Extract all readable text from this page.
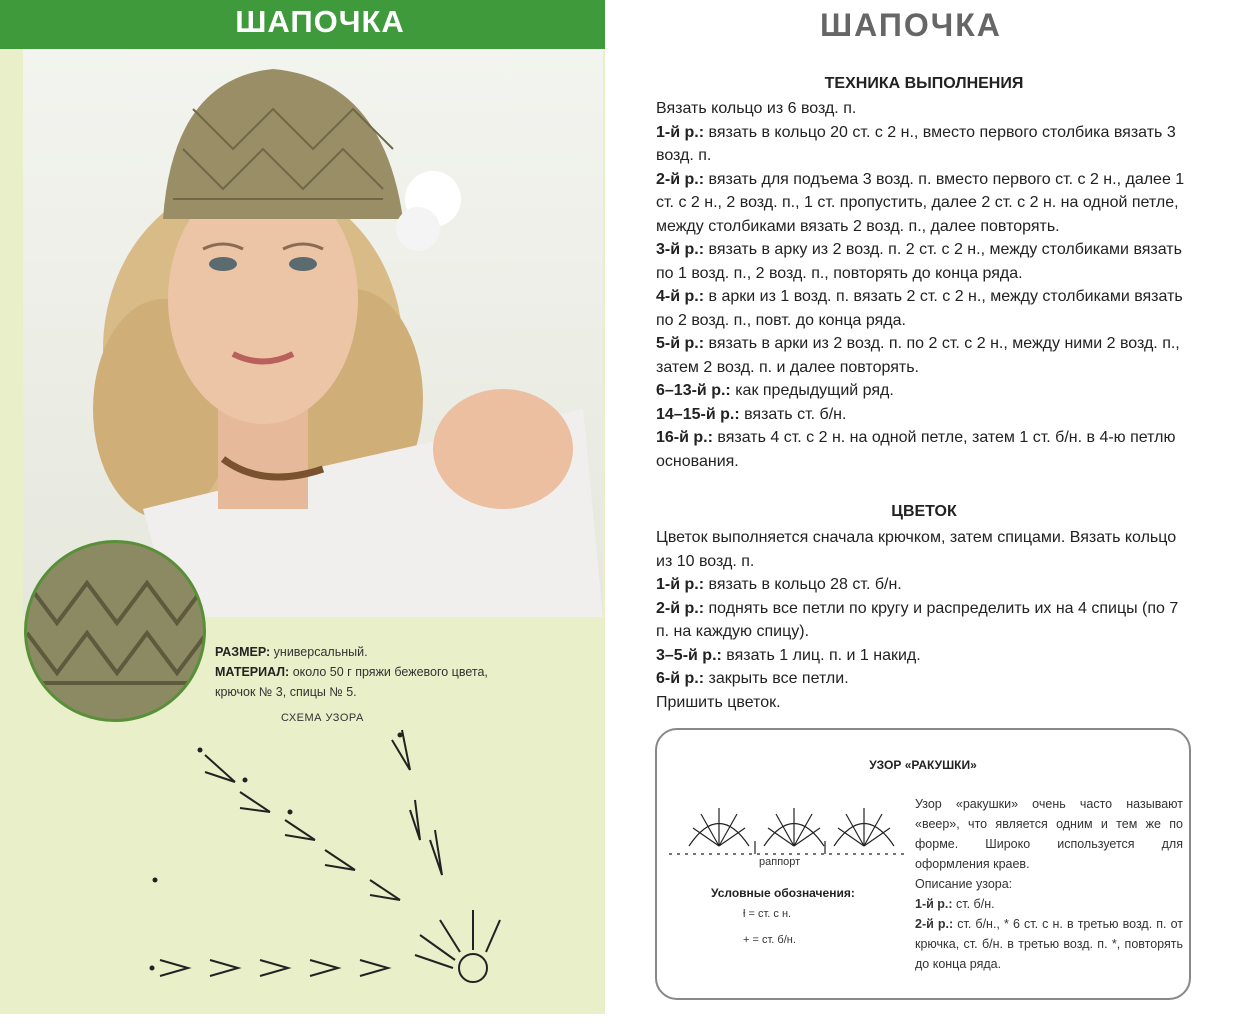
ШАПОЧКА
РАЗМЕР: универсальный.
МАТЕРИАЛ: около 50 г пряжи бежевого цвета,
крючок № 3, спицы № 5.
СХЕМА УЗОРА
ШАПОЧКА
ТЕХНИКА ВЫПОЛНЕНИЯ
Вязать кольцо из 6 возд. п.
1-й р.: вязать в кольцо 20 ст. с 2 н., вместо первого столбика вязать 3 возд. п.
2-й р.: вязать для подъема 3 возд. п. вместо первого ст. с 2 н., далее 1 ст. с 2 н., 2 возд. п., 1 ст. пропустить, далее 2 ст. с 2 н. на одной петле, между столбиками вязать 2 возд. п., далее повторять.
3-й р.: вязать в арку из 2 возд. п. 2 ст. с 2 н., между столбиками вязать по 1 возд. п., 2 возд. п., повторять до конца ряда.
4-й р.: в арки из 1 возд. п. вязать 2 ст. с 2 н., между столбиками вязать по 2 возд. п., повт. до конца ряда.
5-й р.: вязать в арки из 2 возд. п. по 2 ст. с 2 н., между ними 2 возд. п., затем 2 возд. п. и далее повторять.
6–13-й р.: как предыдущий ряд.
14–15-й р.: вязать ст. б/н.
16-й р.: вязать 4 ст. с 2 н. на одной петле, затем 1 ст. б/н. в 4-ю петлю основания.
ЦВЕТОК
Цветок выполняется сначала крючком, затем спицами. Вязать кольцо из 10 возд. п.
1-й р.: вязать в кольцо 28 ст. б/н.
2-й р.: поднять все петли по кругу и распределить их на 4 спицы (по 7 п. на каждую спицу).
3–5-й р.: вязать 1 лиц. п. и 1 накид.
6-й р.: закрыть все петли.
Пришить цветок.
УЗОР «РАКУШКИ»
раппорт
Условные обозначения:
ƚ = ст. с н.
+ = ст. б/н.
Узор «ракушки» очень часто называют «веер», что является одним и тем же по форме. Широко используется для оформления краев.
Описание узора:
1-й р.: ст. б/н.
2-й р.: ст. б/н., * 6 ст. с н. в третью возд. п. от крючка, ст. б/н. в третью возд. п. *, повторять до конца ряда.
